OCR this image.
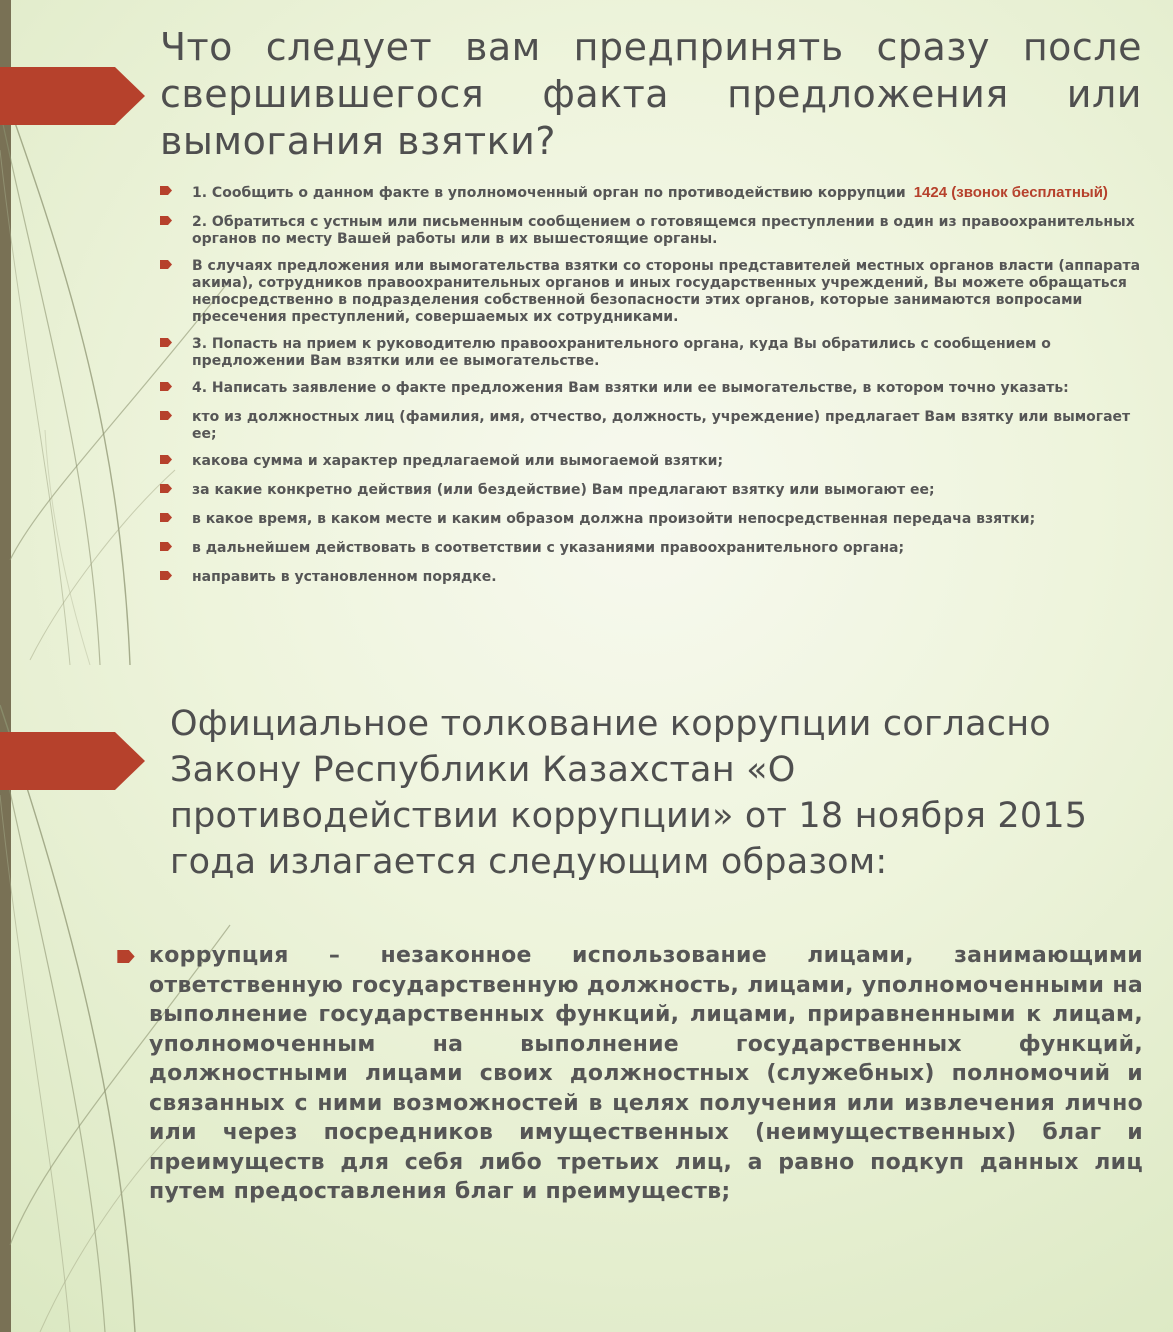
Что следует вам предпринять сразу после свершившегося факта предложения или вымогания взятки?
1. Сообщить о данном факте в уполномоченный орган по противодействию коррупции 1424 (звонок бесплатный)
2. Обратиться с устным или письменным сообщением о готовящемся преступлении в один из правоохранительных органов по месту Вашей работы или в их вышестоящие органы.
В случаях предложения или вымогательства взятки со стороны представителей местных органов власти (аппарата акима), сотрудников правоохранительных органов и иных государственных учреждений, Вы можете обращаться непосредственно в подразделения собственной безопасности этих органов, которые занимаются вопросами пресечения преступлений, совершаемых их сотрудниками.
3. Попасть на прием к руководителю правоохранительного органа, куда Вы обратились с сообщением о предложении Вам взятки или ее вымогательстве.
4. Написать заявление о факте предложения Вам взятки или ее вымогательстве, в котором точно указать:
кто из должностных лиц (фамилия, имя, отчество, должность, учреждение) предлагает Вам взятку или вымогает ее;
какова сумма и характер предлагаемой или вымогаемой взятки;
за какие конкретно действия (или бездействие) Вам предлагают взятку или вымогают ее;
в какое время, в каком месте и каким образом должна произойти непосредственная передача взятки;
в дальнейшем действовать в соответствии с указаниями правоохранительного органа;
направить в установленном порядке.
Официальное толкование коррупции согласно Закону Республики Казахстан «О противодействии коррупции» от 18 ноября 2015 года излагается следующим образом:
коррупция – незаконное использование лицами, занимающими ответственную государственную должность, лицами, уполномоченными на выполнение государственных функций, лицами, приравненными к лицам, уполномоченным на выполнение государственных функций, должностными лицами своих должностных (служебных) полномочий и связанных с ними возможностей в целях получения или извлечения лично или через посредников имущественных (неимущественных) благ и преимуществ для себя либо третьих лиц, а равно подкуп данных лиц путем предоставления благ и преимуществ;
